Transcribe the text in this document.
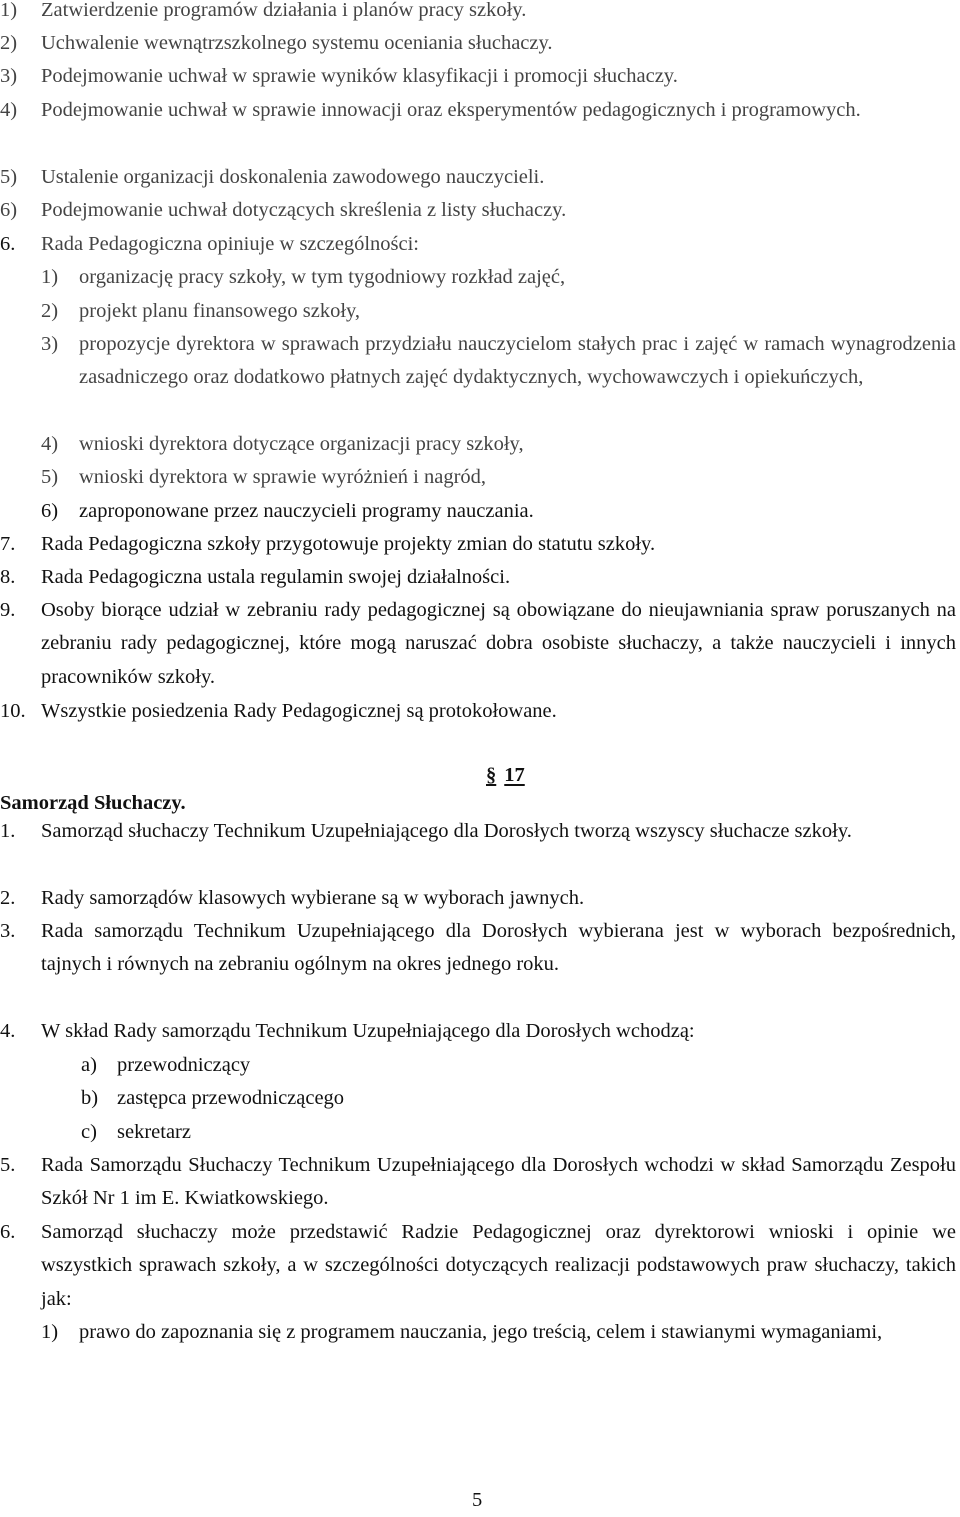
1)	Zatwierdzenie programów działania i planów pracy szkoły.
2)	Uchwalenie wewnątrzszkolnego systemu oceniania słuchaczy.
3)	Podejmowanie uchwał w sprawie wyników klasyfikacji i promocji słuchaczy.
4)	Podejmowanie uchwał w sprawie innowacji oraz eksperymentów pedagogicznych i programowych.
5)	Ustalenie organizacji doskonalenia zawodowego nauczycieli.
6)	Podejmowanie uchwał dotyczących skreślenia z listy słuchaczy.
6.	Rada Pedagogiczna opiniuje w szczególności:
1)	organizację pracy szkoły, w tym tygodniowy rozkład zajęć,
2)	projekt planu finansowego szkoły,
3)	propozycje dyrektora w sprawach przydziału nauczycielom stałych prac i zajęć w ramach wynagrodzenia zasadniczego oraz dodatkowo płatnych zajęć dydaktycznych, wychowawczych i opiekuńczych,
4)	wnioski dyrektora dotyczące organizacji pracy szkoły,
5)	wnioski dyrektora w sprawie wyróżnień i nagród,
6)	zaproponowane przez nauczycieli programy nauczania.
7.	Rada Pedagogiczna szkoły przygotowuje projekty zmian do statutu szkoły.
8.	Rada Pedagogiczna ustala regulamin swojej działalności.
9.	Osoby biorące udział w zebraniu rady pedagogicznej są obowiązane do nieujawniania spraw poruszanych na zebraniu rady pedagogicznej, które mogą naruszać dobra osobiste słuchaczy, a także nauczycieli i innych pracowników szkoły.
10. Wszystkie posiedzenia Rady Pedagogicznej są protokołowane.
§ 17
Samorząd Słuchaczy.
1.	Samorząd słuchaczy Technikum Uzupełniającego dla Dorosłych tworzą wszyscy słuchacze szkoły.
2.	Rady samorządów klasowych wybierane są w wyborach jawnych.
3.	Rada samorządu Technikum Uzupełniającego dla Dorosłych wybierana jest w wyborach bezpośrednich, tajnych i równych na zebraniu ogólnym na okres jednego roku.
4.	W skład Rady samorządu Technikum Uzupełniającego dla Dorosłych wchodzą:
a) przewodniczący
b) zastępca przewodniczącego
c) sekretarz
5.	Rada Samorządu Słuchaczy Technikum Uzupełniającego dla Dorosłych wchodzi w skład Samorządu Zespołu Szkół Nr 1 im E. Kwiatkowskiego.
6.	Samorząd słuchaczy może przedstawić Radzie Pedagogicznej oraz dyrektorowi wnioski i opinie we wszystkich sprawach szkoły, a w szczególności dotyczących realizacji podstawowych praw słuchaczy, takich jak:
1)	prawo do zapoznania się z programem nauczania, jego treścią, celem i stawianymi wymaganiami,
5
